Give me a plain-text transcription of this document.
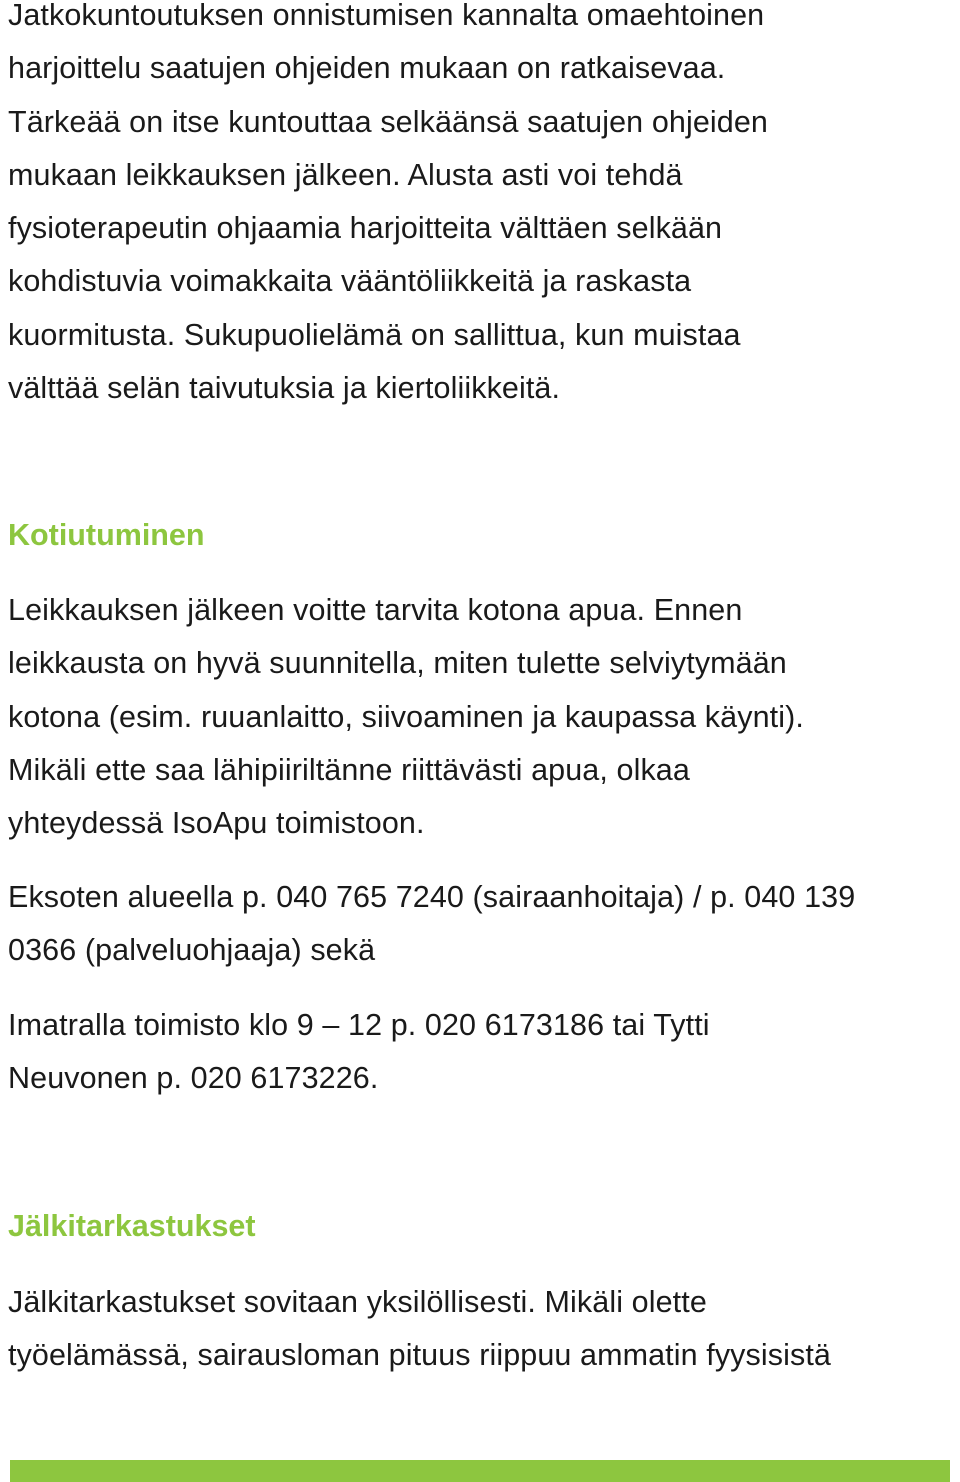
Jatkokuntoutuksen onnistumisen kannalta omaehtoinen
harjoittelu saatujen ohjeiden mukaan on ratkaisevaa.
Tärkeää on itse kuntouttaa selkäänsä saatujen ohjeiden
mukaan leikkauksen jälkeen. Alusta asti voi tehdä
fysioterapeutin ohjaamia harjoitteita välttäen selkään
kohdistuvia voimakkaita vääntöliikkeitä ja raskasta
kuormitusta. Sukupuolielämä on sallittua, kun muistaa
välttää selän taivutuksia ja kiertoliikkeitä.

Kotiutuminen

Leikkauksen jälkeen voitte tarvita kotona apua. Ennen
leikkausta on hyvä suunnitella, miten tulette selviytymään
kotona (esim. ruuanlaitto, siivoaminen ja kaupassa käynti).
Mikäli ette saa lähipiiriltänne riittävästi apua, olkaa
yhteydessä IsoApu toimistoon.

Eksoten alueella p. 040 765 7240 (sairaanhoitaja) / p. 040 139
0366 (palveluohjaaja) sekä

Imatralla toimisto klo 9 – 12 p. 020 6173186 tai Tytti
Neuvonen p. 020 6173226.

Jälkitarkastukset

Jälkitarkastukset sovitaan yksilöllisesti. Mikäli olette
työelämässä, sairausloman pituus riippuu ammatin fyysisistä
